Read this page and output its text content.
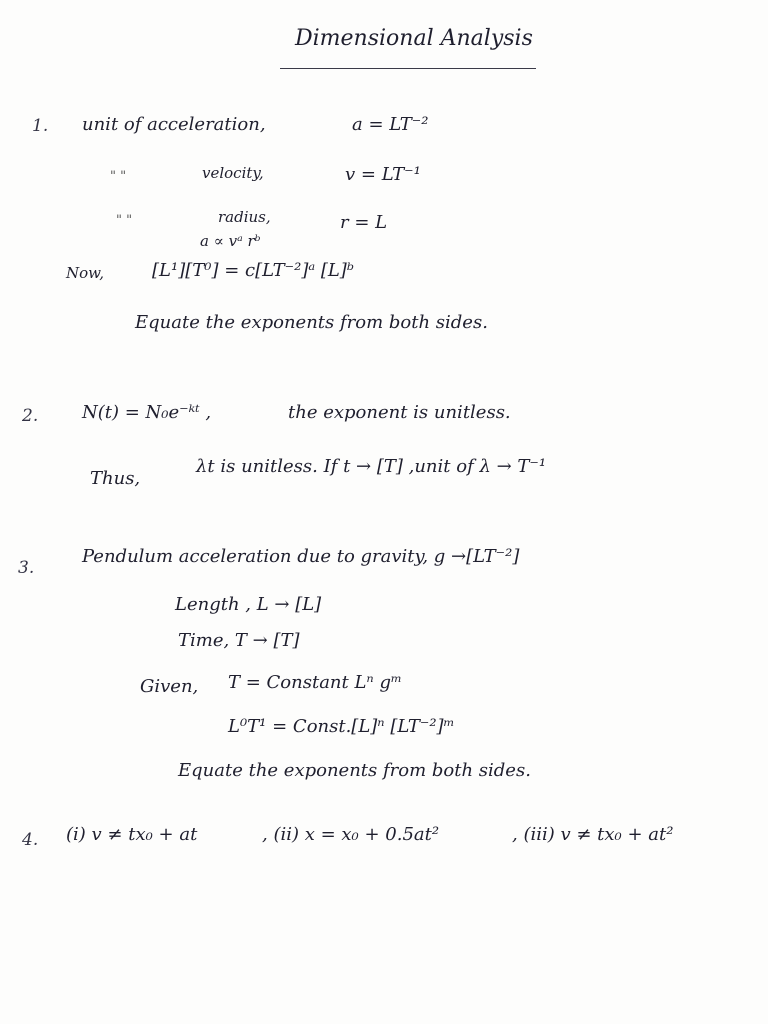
Dimensional Analysis
1. unit of acceleration,	a = LT⁻²
" "	velocity,	v = LT⁻¹
" "	radius,	r = L
a ∝ vᵃ rᵇ
Now,	[L¹][T⁰] = c[LT⁻²]ᵃ [L]ᵇ
Equate the exponents from both sides.
2. N(t) = N₀e⁻ᵏᵗ ,	the exponent is unitless.
Thus,
λt is unitless. If t → [T] ,unit of λ → T⁻¹
3.
Pendulum acceleration due to gravity, g →[LT⁻²]
Length , L → [L]
Time, T → [T]
Given, T = Constant Lⁿ gᵐ
L⁰T¹ = Const.[L]ⁿ [LT⁻²]ᵐ
Equate the exponents from both sides.
4. (i) v ≠ tx₀ + at	, (ii) x = x₀ + 0.5at²	, (iii) v ≠ tx₀ + at²
